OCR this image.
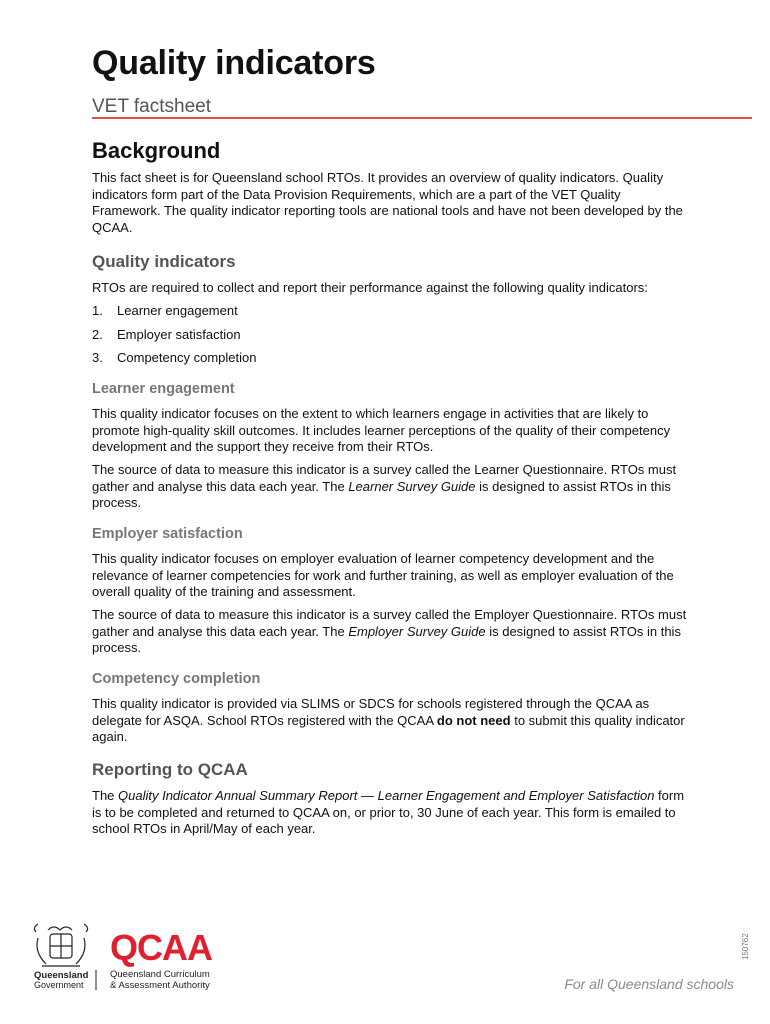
Quality indicators
VET factsheet
Background

This fact sheet is for Queensland school RTOs. It provides an overview of quality indicators. Quality indicators form part of the Data Provision Requirements, which are a part of the VET Quality Framework. The quality indicator reporting tools are national tools and have not been developed by the QCAA.

Quality indicators

RTOs are required to collect and report their performance against the following quality indicators:

1. Learner engagement
2. Employer satisfaction
3. Competency completion
Learner engagement

This quality indicator focuses on the extent to which learners engage in activities that are likely to promote high-quality skill outcomes. It includes learner perceptions of the quality of their competency development and the support they receive from their RTOs.

The source of data to measure this indicator is a survey called the Learner Questionnaire. RTOs must gather and analyse this data each year. The Learner Survey Guide is designed to assist RTOs in this process.

Employer satisfaction

This quality indicator focuses on employer evaluation of learner competency development and the relevance of learner competencies for work and further training, as well as employer evaluation of the overall quality of the training and assessment.

The source of data to measure this indicator is a survey called the Employer Questionnaire. RTOs must gather and analyse this data each year. The Employer Survey Guide is designed to assist RTOs in this process.

Competency completion

This quality indicator is provided via SLIMS or SDCS for schools registered through the QCAA as delegate for ASQA. School RTOs registered with the QCAA do not need to submit this quality indicator again.

Reporting to QCAA

The Quality Indicator Annual Summary Report — Learner Engagement and Employer Satisfaction form is to be completed and returned to QCAA on, or prior to, 30 June of each year. This form is emailed to school RTOs in April/May of each year.

150762
Queensland
Government
QCAA
Queensland Curriculum
& Assessment Authority	For all Queensland schools
